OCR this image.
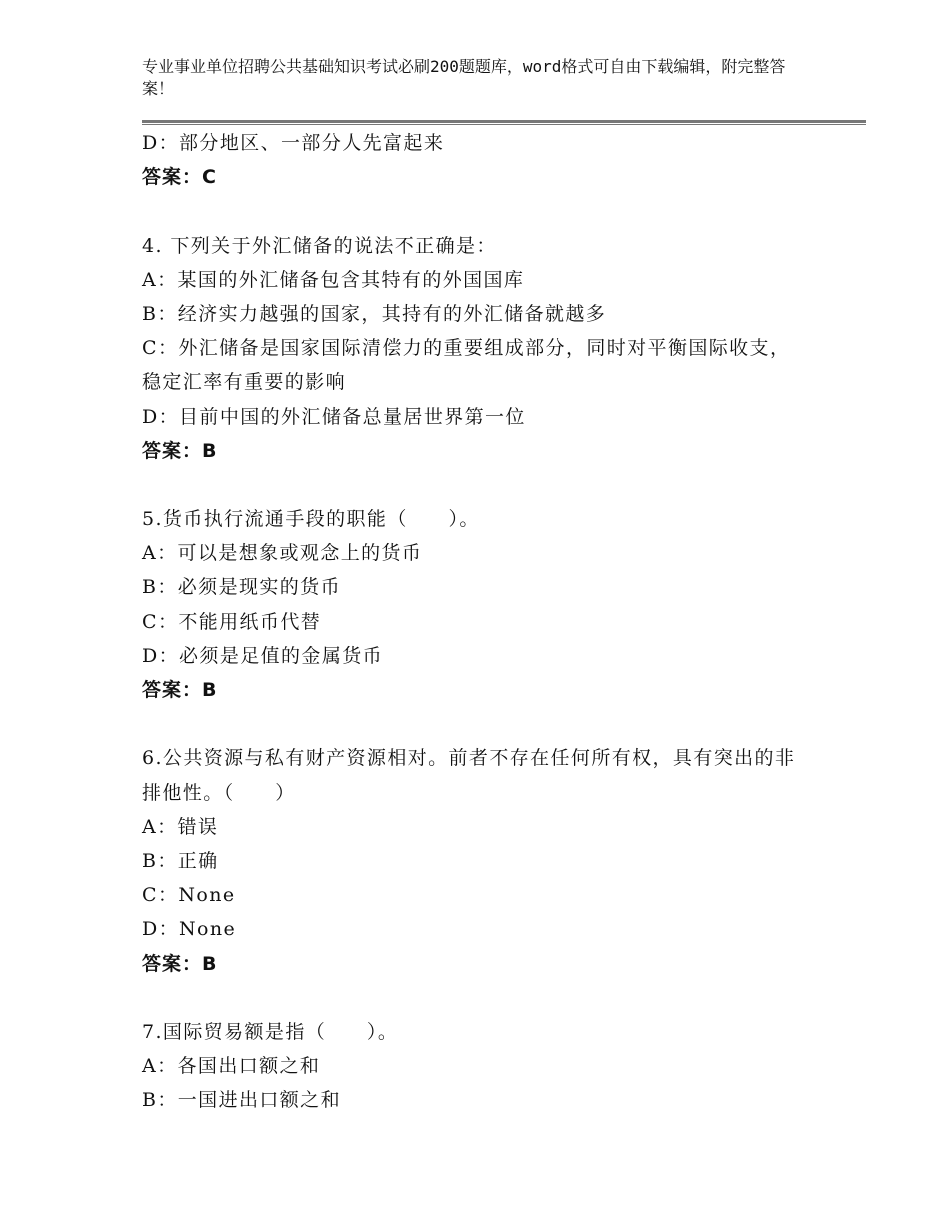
专业事业单位招聘公共基础知识考试必刷200题题库，word格式可自由下载编辑，附完整答案！
D：部分地区、一部分人先富起来
答案：C
4. 下列关于外汇储备的说法不正确是：
A：某国的外汇储备包含其特有的外国国库
B：经济实力越强的国家，其持有的外汇储备就越多
C：外汇储备是国家国际清偿力的重要组成部分，同时对平衡国际收支，稳定汇率有重要的影响
D：目前中国的外汇储备总量居世界第一位
答案：B
5.货币执行流通手段的职能（　　）。
A：可以是想象或观念上的货币
B：必须是现实的货币
C：不能用纸币代替
D：必须是足值的金属货币
答案：B
6.公共资源与私有财产资源相对。前者不存在任何所有权，具有突出的非排他性。（　　）
A：错误
B：正确
C：None
D：None
答案：B
7.国际贸易额是指（　　）。
A：各国出口额之和
B：一国进出口额之和
